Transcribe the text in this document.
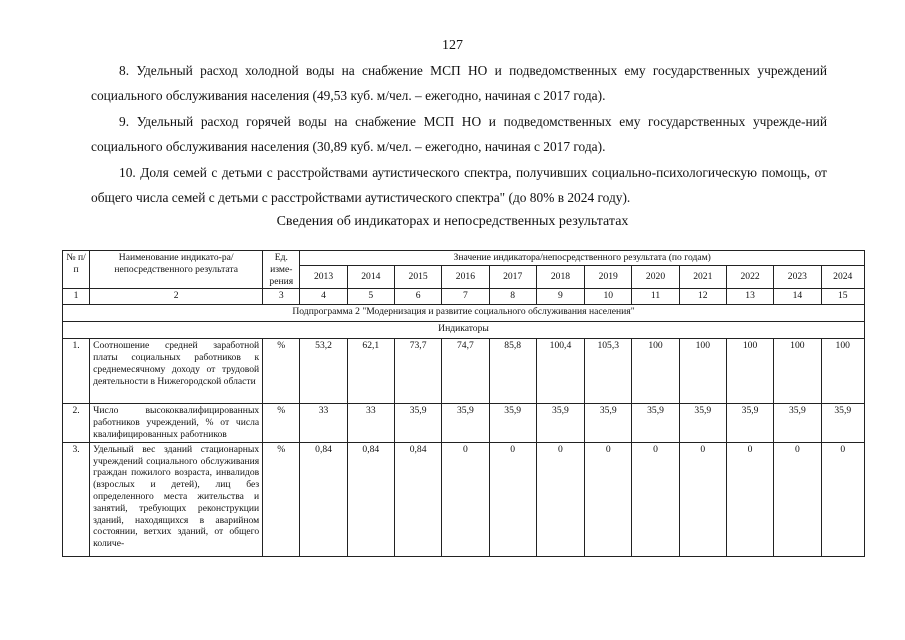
127
8. Удельный расход холодной воды на снабжение МСП НО и подведомственных ему государственных учреждений социального обслуживания населения (49,53 куб. м/чел. – ежегодно, начиная с 2017 года).
9. Удельный расход горячей воды на снабжение МСП НО и подведомственных ему государственных учрежде-ний социального обслуживания населения (30,89 куб. м/чел. – ежегодно, начиная с 2017 года).
10. Доля семей с детьми с расстройствами аутистического спектра, получивших социально-психологическую помощь, от общего числа семей с детьми с расстройствами аутистического спектра" (до 80% в 2024 году).
Сведения об индикаторах и непосредственных результатах
№ п/п	Наименование индикато-ра/непосредственного результата	Ед. изме-рения	Значение индикатора/непосредственного результата (по годам)											
			2013	2014	2015	2016	2017	2018	2019	2020	2021	2022	2023	2024
1	2	3	4	5	6	7	8	9	10	11	12	13	14	15
Подпрограмма 2 "Модернизация и развитие социального обслуживания населения"														
Индикаторы														
1.	Соотношение средней заработной платы социальных работников к среднемесячному доходу от трудовой деятельности в Нижегородской области	%	53,2	62,1	73,7	74,7	85,8	100,4	105,3	100	100	100	100	100
2.	Число высококвалифицированных работников учреждений, % от числа квалифицированных работников	%	33	33	35,9	35,9	35,9	35,9	35,9	35,9	35,9	35,9	35,9	35,9
3.	Удельный вес зданий стационарных учреждений социального обслуживания граждан пожилого возраста, инвалидов (взрослых и детей), лиц без определенного места жительства и занятий, требующих реконструкции зданий, находящихся в аварийном состоянии, ветхих зданий, от общего количе-	%	0,84	0,84	0,84	0	0	0	0	0	0	0	0	0
